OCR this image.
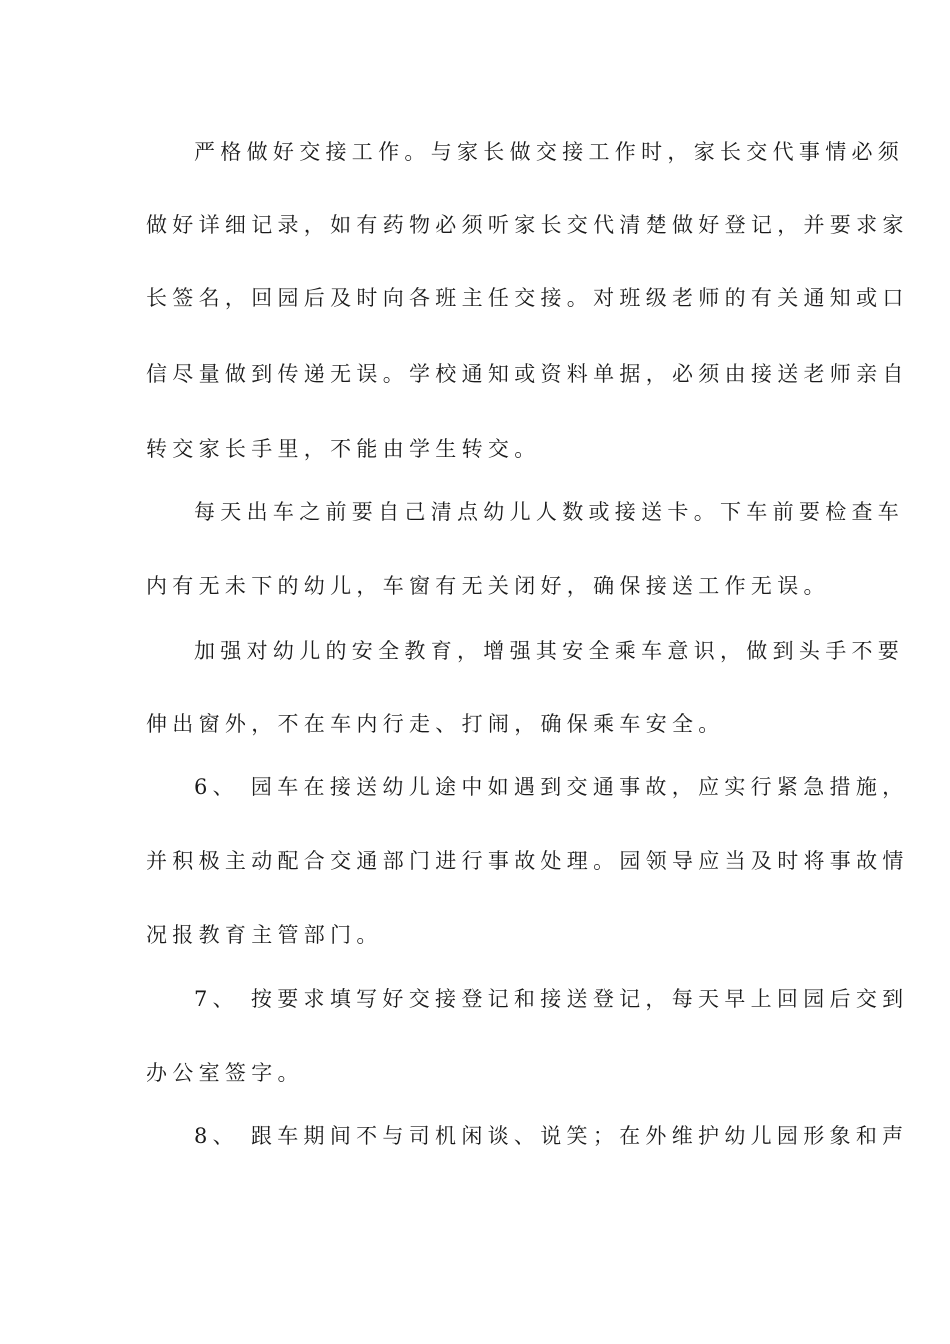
严格做好交接工作。与家长做交接工作时，家长交代事情必须
做好详细记录，如有药物必须听家长交代清楚做好登记，并要求家
长签名，回园后及时向各班主任交接。对班级老师的有关通知或口
信尽量做到传递无误。学校通知或资料单据，必须由接送老师亲自
转交家长手里，不能由学生转交。
每天出车之前要自己清点幼儿人数或接送卡。下车前要检查车
内有无未下的幼儿，车窗有无关闭好，确保接送工作无误。
加强对幼儿的安全教育，增强其安全乘车意识，做到头手不要
伸出窗外，不在车内行走、打闹，确保乘车安全。
6、 园车在接送幼儿途中如遇到交通事故，应实行紧急措施，
并积极主动配合交通部门进行事故处理。园领导应当及时将事故情
况报教育主管部门。
7、 按要求填写好交接登记和接送登记，每天早上回园后交到
办公室签字。
8、 跟车期间不与司机闲谈、说笑；在外维护幼儿园形象和声
